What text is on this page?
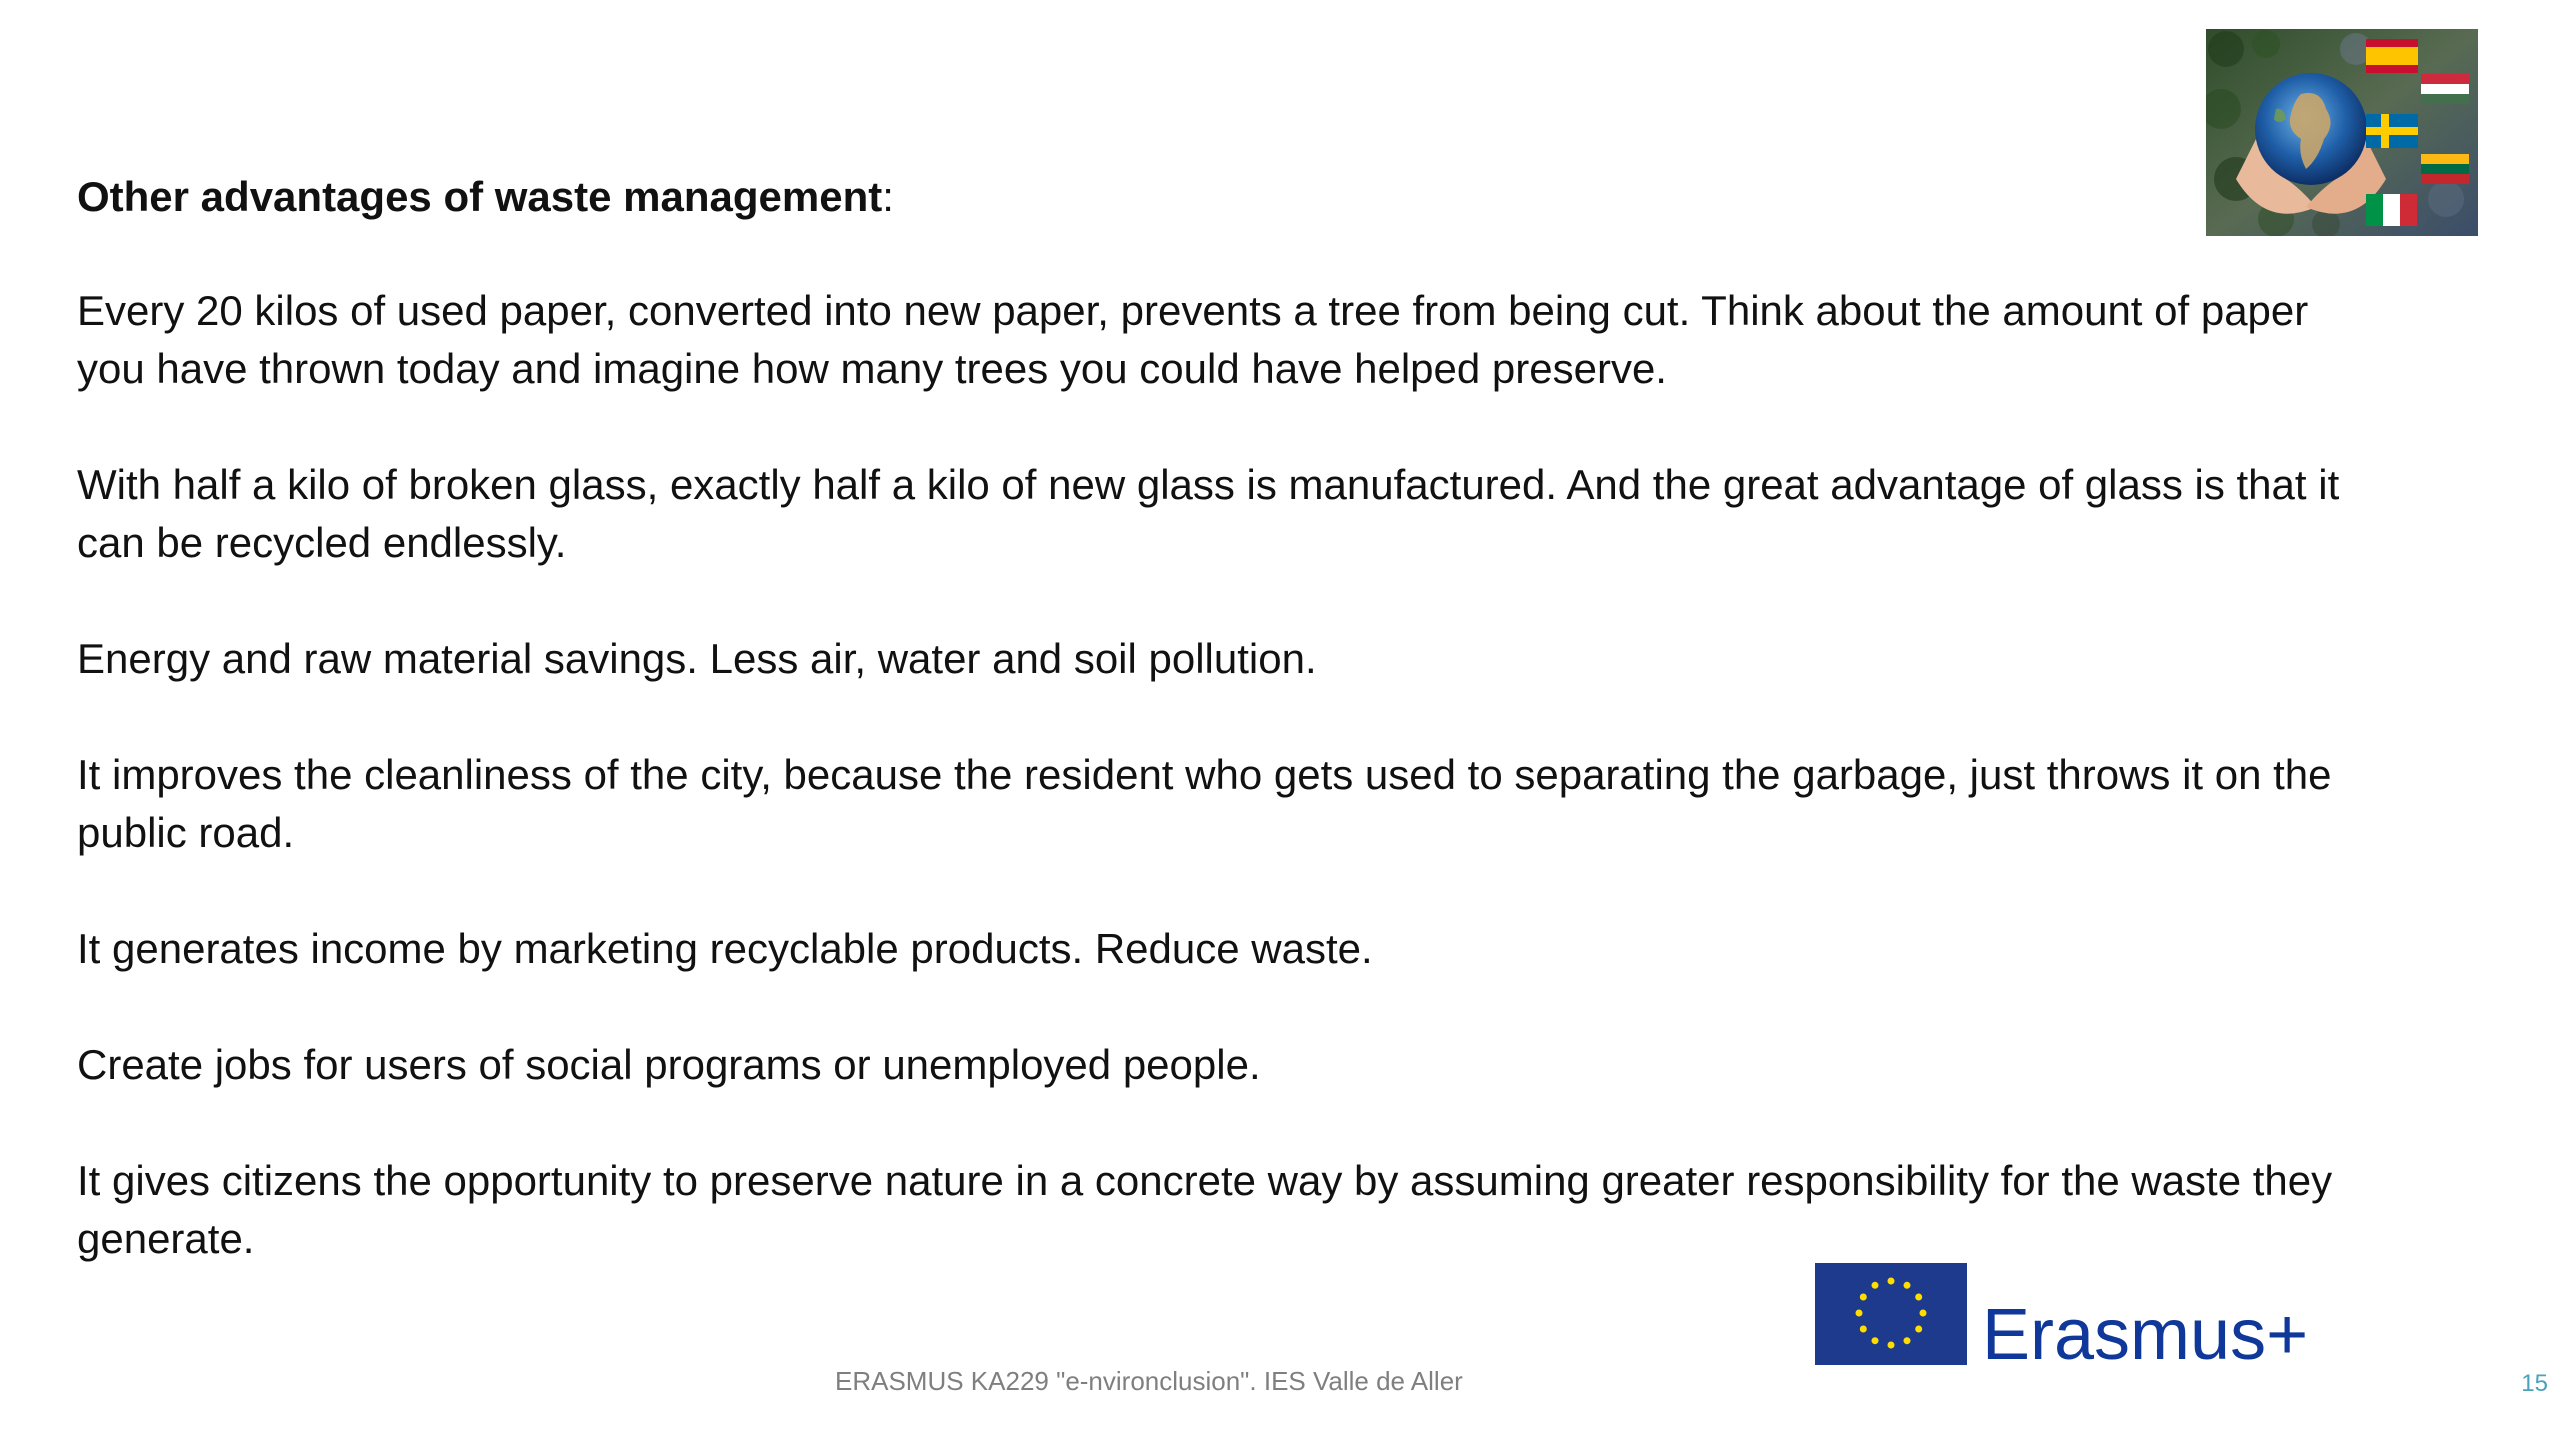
Other advantages of waste management:

Every 20 kilos of used paper, converted into new paper, prevents a tree from being cut. Think about the amount of paper you have thrown today and imagine how many trees you could have helped preserve.

With half a kilo of broken glass, exactly half a kilo of new glass is manufactured. And the great advantage of glass is that it can be recycled endlessly.

Energy and raw material savings. Less air, water and soil pollution.

It improves the cleanliness of the city, because the resident who gets used to separating the garbage, just throws it on the public road.

It generates income by marketing recyclable products. Reduce waste.

Create jobs for users of social programs or unemployed people.

It gives citizens the opportunity to preserve nature in a concrete way by assuming greater responsibility for the waste they generate.

Erasmus+
ERASMUS KA229 "e-nvironclusion". IES Valle de Aller	15
